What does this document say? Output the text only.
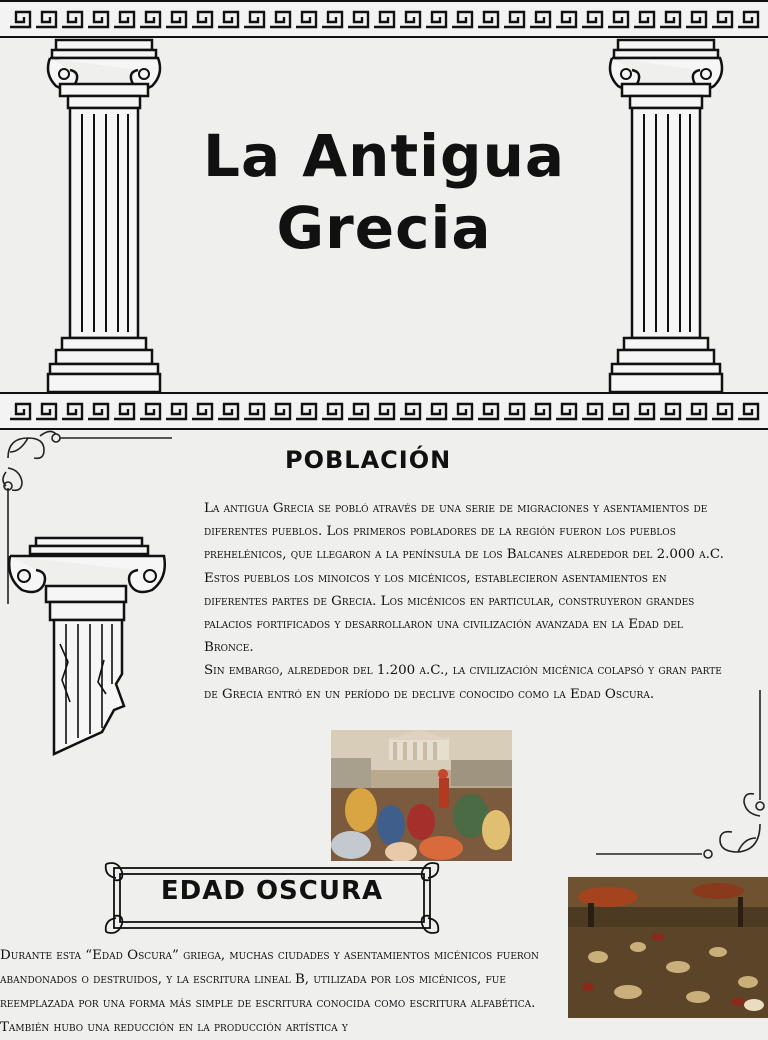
La Antigua
Grecia
POBLACIÓN

La antigua Grecia se pobló através de una serie de migraciones y asentamientos de diferentes pueblos. Los primeros pobladores de la región fueron los pueblos prehelénicos, que llegaron a la península de los Balcanes alrededor del 2.000 a.C.

Estos pueblos los minoicos y los micénicos, establecieron asentamientos en diferentes partes de Grecia. Los micénicos en particular, construyeron grandes palacios fortificados y desarrollaron una civilización avanzada en la Edad del Bronce.

Sin embargo, alrededor del 1.200 a.C., la civilización micénica colapsó y gran parte de Grecia entró en un período de declive conocido como la Edad Oscura.

EDAD OSCURA

Durante esta “Edad Oscura” griega, muchas ciudades y asentamientos micénicos fueron abandonados o destruidos, y la escritura lineal B, utilizada por los micénicos, fue reemplazada por una forma más simple de escritura conocida como escritura alfabética. También hubo una reducción en la producción artística y
